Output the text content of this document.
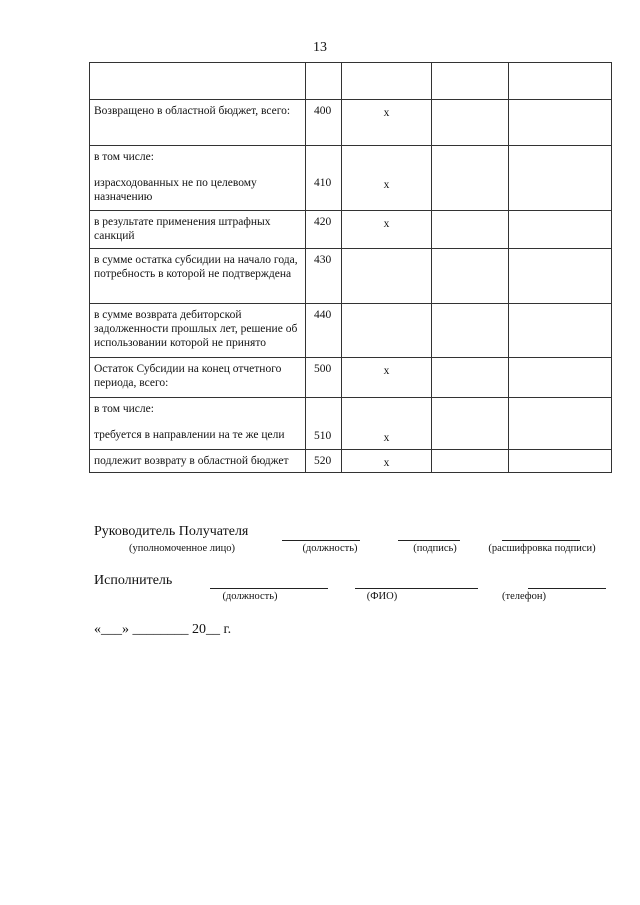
13

Возвращено в областной бюджет, всего:	400	x		

в том числе:
израсходованных не по целевому назначению	410	x		
в результате применения штрафных санкций	420	x		
в сумме остатка субсидии на начало года, потребность в которой не подтверждена	430			
в сумме возврата дебиторской задолженности прошлых лет, решение об использовании которой не принято	440			
Остаток Субсидии на конец отчетного периода, всего:	500	x		

в том числе:
требуется в направлении на те же цели	510	x		
подлежит возврату в областной бюджет	520	x		
Руководитель Получателя
(уполномоченное лицо)	(должность)	(подпись)	(расшифровка подписи)
Исполнитель
(должность)	(ФИО)	(телефон)
«___» ________ 20__ г.
